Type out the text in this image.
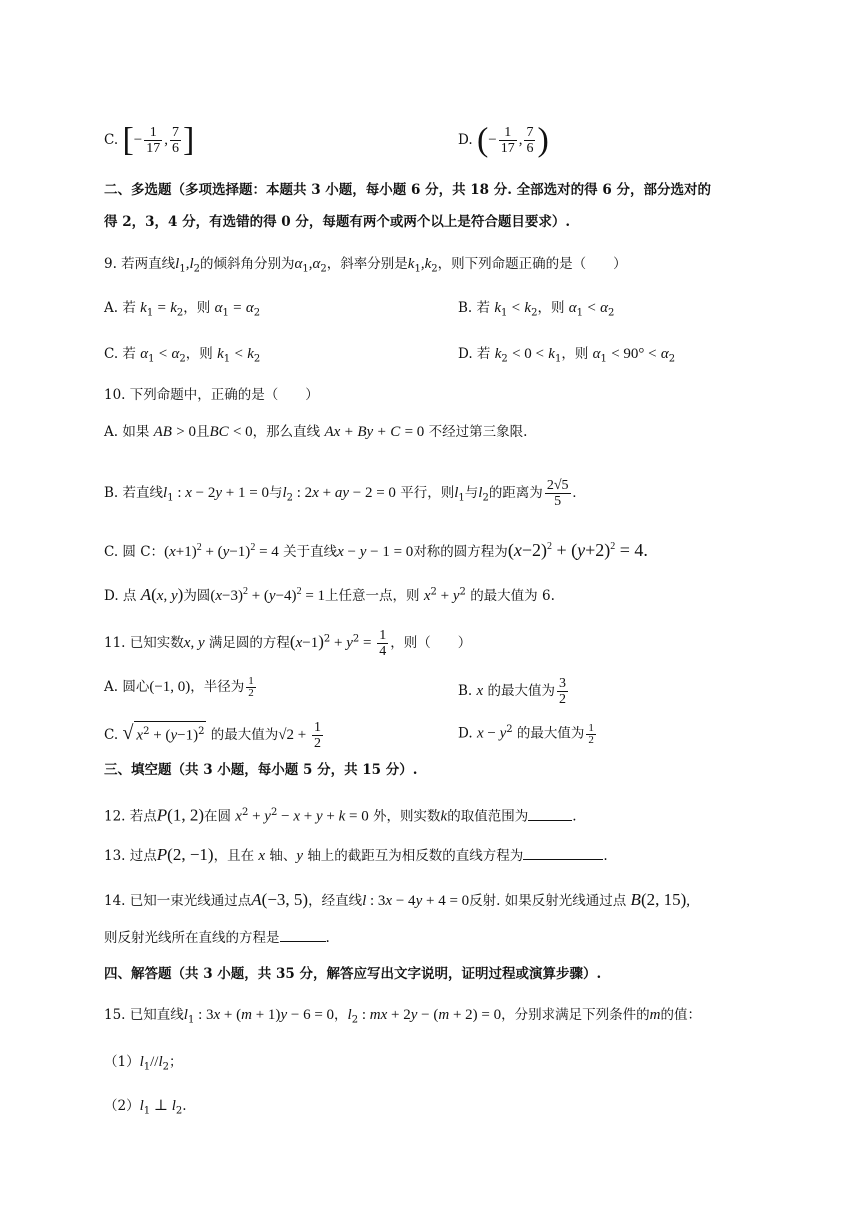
C. [− $\frac{1}{17}$ , $\frac{7}{6}$ ]	D. (− $\frac{1}{17}$ , $\frac{7}{6}$ )
二、多选题（多项选择题：本题共 3 小题，每小题 6 分，共 18 分. 全部选对的得 6 分，部分选对的
得 2，3，4 分，有选错的得 0 分，每题有两个或两个以上是符合题目要求）.
9. 若两直线$l_1,l_2$的倾斜角分别为$\alpha_1,\alpha_2$，斜率分别是$k_1,k_2$，则下列命题正确的是（　　）
A. 若 $k_1 = k_2$，则 $\alpha_1 = \alpha_2$	B. 若 $k_1 < k_2$，则 $\alpha_1 < \alpha_2$
C. 若 $\alpha_1 < \alpha_2$，则 $k_1 < k_2$	D. 若 $k_2 < 0 < k_1$，则 $\alpha_1 < 90^\circ < \alpha_2$
10. 下列命题中，正确的是（　　）
A. 如果 AB > 0且BC < 0，那么直线 Ax + By + C = 0 不经过第三象限.
B. 若直线$l_1$ : x − 2y + 1 = 0与$l_2$ : 2x + ay − 2 = 0 平行，则$l_1$与$l_2$的距离为 $\frac{2√5}{5}$ .
C. 圆 C：$(x+1)^2 + (y-1)^2 = 4$ 关于直线x − y − 1 = 0对称的圆方程为$(x-2)^2 + (y+2)^2 = 4$.
D. 点 A(x, y)为圆$(x-3)^2 + (y-4)^2 = 1$上任意一点，则 $x^2 + y^2$ 的最大值为 6.
11. 已知实数x, y 满足圆的方程$(x-1)^2 + y^2 = \frac{1}{4}$ ，则（　　）
A. 圆心(−1, 0)，半径为 $\frac{1}{2}$	B. x 的最大值为 $\frac{3}{2}$
C. √ $x^2 + (y-1)^2$ 的最大值为$√2 + \frac{1}{2}$	D. $x - y^2$ 的最大值为 $\frac{1}{2}$
三、填空题（共 3 小题，每小题 5 分，共 15 分）.
12. 若点P(1, 2)在圆 $x^2 + y^2 - x + y + k = 0$ 外，则实数k的取值范围为	.
13. 过点P(2, −1)，且在 x 轴、y 轴上的截距互为相反数的直线方程为	.
14. 已知一束光线通过点A(−3, 5)，经直线l : 3x − 4y + 4 = 0反射. 如果反射光线通过点 B(2, 15),
则反射光线所在直线的方程是	.
四、解答题（共 3 小题，共 35 分，解答应写出文字说明，证明过程或演算步骤）.
15. 已知直线$l_1$ : 3x + (m + 1)y − 6 = 0，$l_2$ : mx + 2y − (m + 2) = 0，分别求满足下列条件的m的值：
$(1)l_1//l_2$；
$(2)l_1$ ⊥ $l_2$.
